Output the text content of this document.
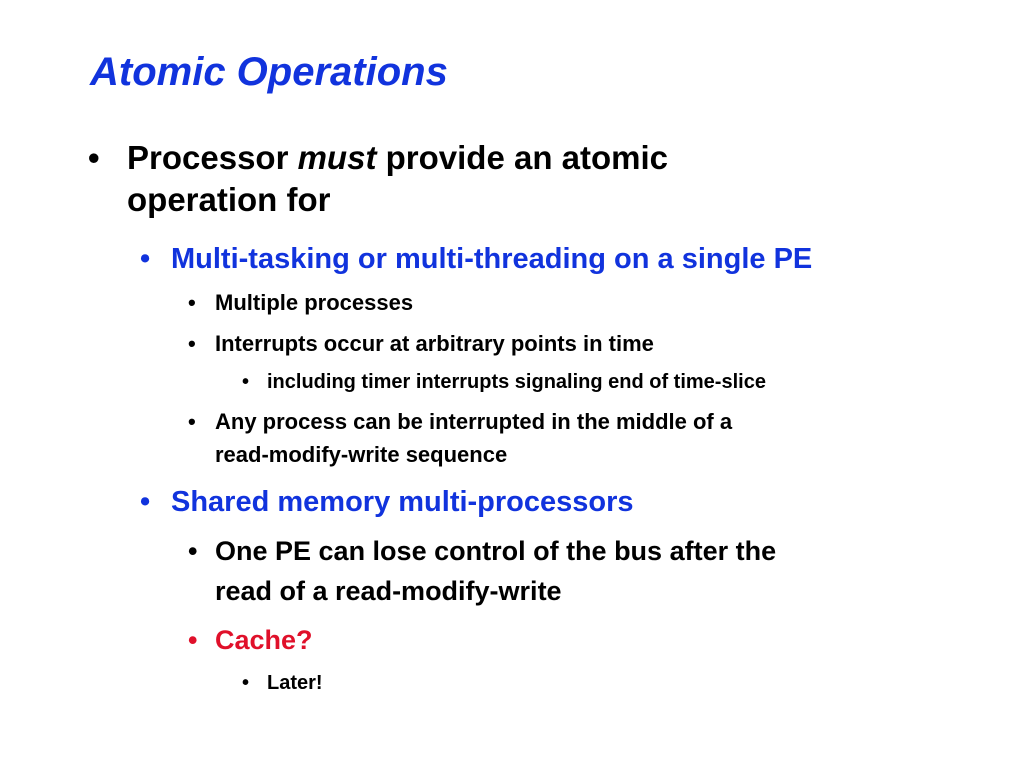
Atomic Operations
• Processor must provide an atomic
operation for
• Multi-tasking or multi-threading on a single PE
• Multiple processes
• Interrupts occur at arbitrary points in time
• including timer interrupts signaling end of time-slice
• Any process can be interrupted in the middle of a
read-modify-write sequence
• Shared memory multi-processors
• One PE can lose control of the bus after the
read of a read-modify-write
• Cache?
• Later!
